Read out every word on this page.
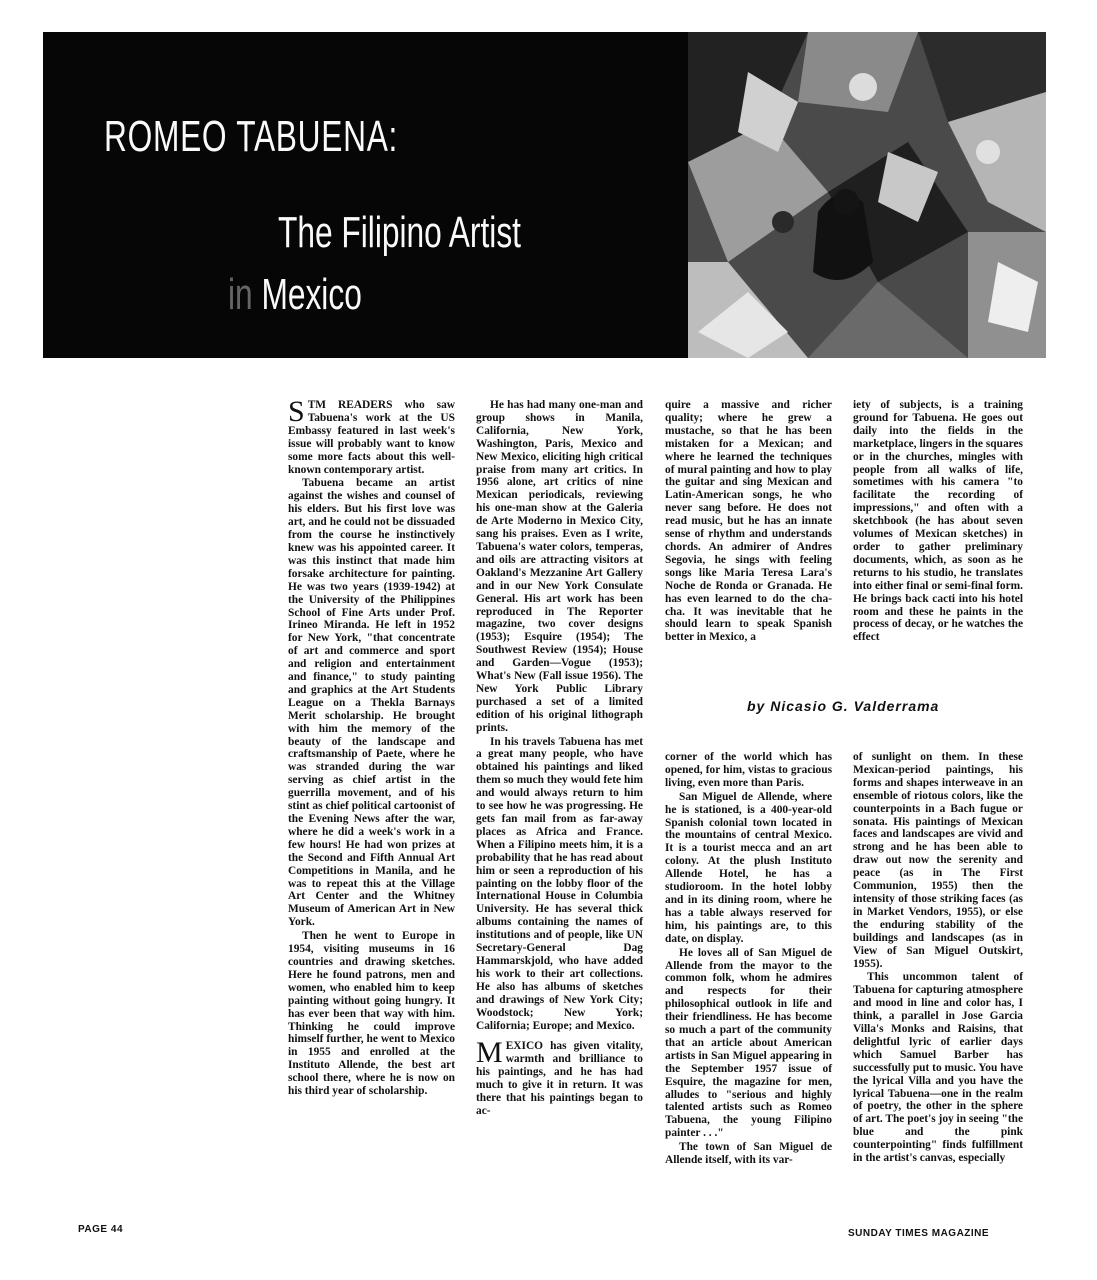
ROMEO TABUENA:
The Filipino Artist
in Mexico

STM READERS who saw Tabuena's work at the US Embassy featured in last week's issue will probably want to know some more facts about this well-known contemporary artist.

Tabuena became an artist against the wishes and counsel of his elders. But his first love was art, and he could not be dissuaded from the course he instinctively knew was his appointed career. It was this instinct that made him forsake architecture for painting. He was two years (1939-1942) at the University of the Philippines School of Fine Arts under Prof. Irineo Miranda. He left in 1952 for New York, "that concentrate of art and commerce and sport and religion and entertainment and finance," to study painting and graphics at the Art Students League on a Thekla Barnays Merit scholarship. He brought with him the memory of the beauty of the landscape and craftsmanship of Paete, where he was stranded during the war serving as chief artist in the guerrilla movement, and of his stint as chief political cartoonist of the Evening News after the war, where he did a week's work in a few hours! He had won prizes at the Second and Fifth Annual Art Competitions in Manila, and he was to repeat this at the Village Art Center and the Whitney Museum of American Art in New York.

Then he went to Europe in 1954, visiting museums in 16 countries and drawing sketches. Here he found patrons, men and women, who enabled him to keep painting without going hungry. It has ever been that way with him. Thinking he could improve himself further, he went to Mexico in 1955 and enrolled at the Instituto Allende, the best art school there, where he is now on his third year of scholarship.

He has had many one-man and group shows in Manila, California, New York, Washington, Paris, Mexico and New Mexico, eliciting high critical praise from many art critics. In 1956 alone, art critics of nine Mexican periodicals, reviewing his one-man show at the Galeria de Arte Moderno in Mexico City, sang his praises. Even as I write, Tabuena's water colors, temperas, and oils are attracting visitors at Oakland's Mezzanine Art Gallery and in our New York Consulate General. His art work has been reproduced in The Reporter magazine, two cover designs (1953); Esquire (1954); The Southwest Review (1954); House and Garden—Vogue (1953); What's New (Fall issue 1956). The New York Public Library purchased a set of a limited edition of his original lithograph prints.

In his travels Tabuena has met a great many people, who have obtained his paintings and liked them so much they would fete him and would always return to him to see how he was progressing. He gets fan mail from as far-away places as Africa and France. When a Filipino meets him, it is a probability that he has read about him or seen a reproduction of his painting on the lobby floor of the International House in Columbia University. He has several thick albums containing the names of institutions and of people, like UN Secretary-General Dag Hammarskjold, who have added his work to their art collections. He also has albums of sketches and drawings of New York City; Woodstock; New York; California; Europe; and Mexico.

MEXICO has given vitality, warmth and brilliance to his paintings, and he has had much to give it in return. It was there that his paintings began to ac-

quire a massive and richer quality; where he grew a mustache, so that he has been mistaken for a Mexican; and where he learned the techniques of mural painting and how to play the guitar and sing Mexican and Latin-American songs, he who never sang before. He does not read music, but he has an innate sense of rhythm and understands chords. An admirer of Andres Segovia, he sings with feeling songs like Maria Teresa Lara's Noche de Ronda or Granada. He has even learned to do the cha-cha. It was inevitable that he should learn to speak Spanish better in Mexico, a

iety of subjects, is a training ground for Tabuena. He goes out daily into the fields in the marketplace, lingers in the squares or in the churches, mingles with people from all walks of life, sometimes with his camera "to facilitate the recording of impressions," and often with a sketchbook (he has about seven volumes of Mexican sketches) in order to gather preliminary documents, which, as soon as he returns to his studio, he translates into either final or semi-final form. He brings back cacti into his hotel room and these he paints in the process of decay, or he watches the effect

by Nicasio G. Valderrama

corner of the world which has opened, for him, vistas to gracious living, even more than Paris.

San Miguel de Allende, where he is stationed, is a 400-year-old Spanish colonial town located in the mountains of central Mexico. It is a tourist mecca and an art colony. At the plush Instituto Allende Hotel, he has a studioroom. In the hotel lobby and in its dining room, where he has a table always reserved for him, his paintings are, to this date, on display.

He loves all of San Miguel de Allende from the mayor to the common folk, whom he admires and respects for their philosophical outlook in life and their friendliness. He has become so much a part of the community that an article about American artists in San Miguel appearing in the September 1957 issue of Esquire, the magazine for men, alludes to "serious and highly talented artists such as Romeo Tabuena, the young Filipino painter . . ."

The town of San Miguel de Allende itself, with its var-

of sunlight on them. In these Mexican-period paintings, his forms and shapes interweave in an ensemble of riotous colors, like the counterpoints in a Bach fugue or sonata. His paintings of Mexican faces and landscapes are vivid and strong and he has been able to draw out now the serenity and peace (as in The First Communion, 1955) then the intensity of those striking faces (as in Market Vendors, 1955), or else the enduring stability of the buildings and landscapes (as in View of San Miguel Outskirt, 1955).

This uncommon talent of Tabuena for capturing atmosphere and mood in line and color has, I think, a parallel in Jose Garcia Villa's Monks and Raisins, that delightful lyric of earlier days which Samuel Barber has successfully put to music. You have the lyrical Villa and you have the lyrical Tabuena—one in the realm of poetry, the other in the sphere of art. The poet's joy in seeing "the blue and the pink counterpointing" finds fulfillment in the artist's canvas, especially

PAGE 44	SUNDAY TIMES MAGAZINE
